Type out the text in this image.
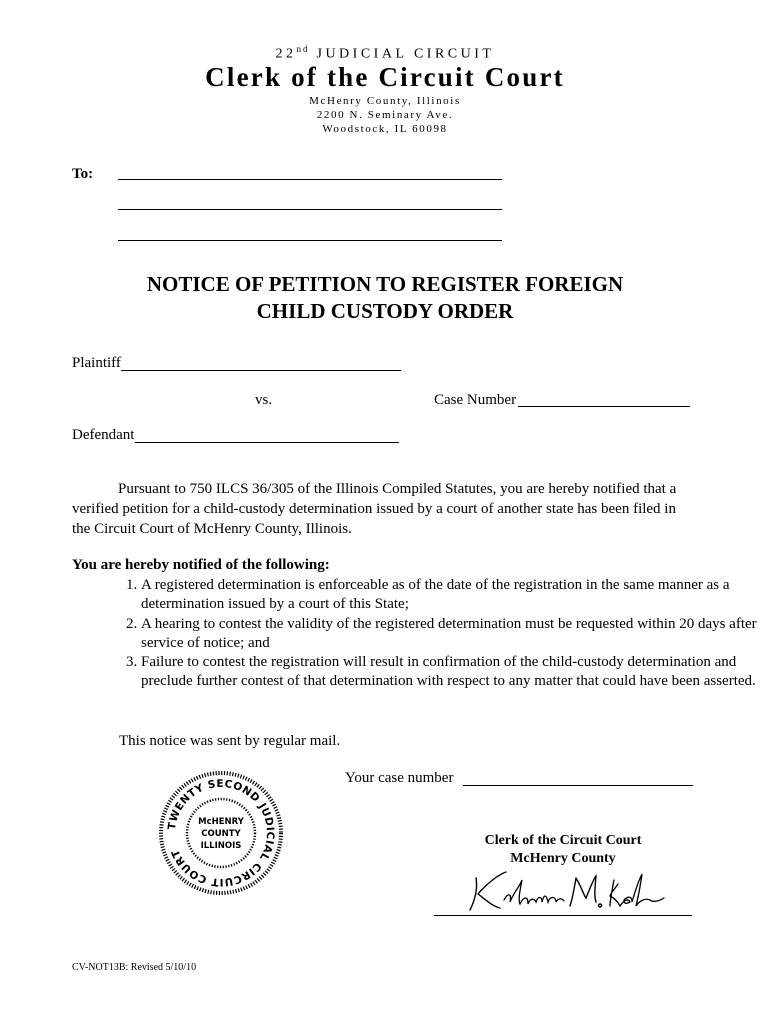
22nd JUDICIAL CIRCUIT
Clerk of the Circuit Court
McHenry County, Illinois
2200 N. Seminary Ave.
Woodstock, IL 60098
To:
NOTICE OF PETITION TO REGISTER FOREIGN
CHILD CUSTODY ORDER
Plaintiff
vs.	Case Number
Defendant
Pursuant to 750 ILCS 36/305 of the Illinois Compiled Statutes, you are hereby notified that a verified petition for a child-custody determination issued by a court of another state has been filed in the Circuit Court of McHenry County, Illinois.
You are hereby notified of the following:
1. A registered determination is enforceable as of the date of the registration in the same manner as a determination issued by a court of this State;
2. A hearing to contest the validity of the registered determination must be requested within 20 days after service of notice; and
3. Failure to contest the registration will result in confirmation of the child-custody determination and preclude further contest of that determination with respect to any matter that could have been asserted.
This notice was sent by regular mail.
Your case number
TWENTY SECOND JUDICIAL CIRCUIT COURT
McHENRY
COUNTY
ILLINOIS	Clerk of the Circuit Court
McHenry County
CV-NOT13B: Revised 5/10/10
